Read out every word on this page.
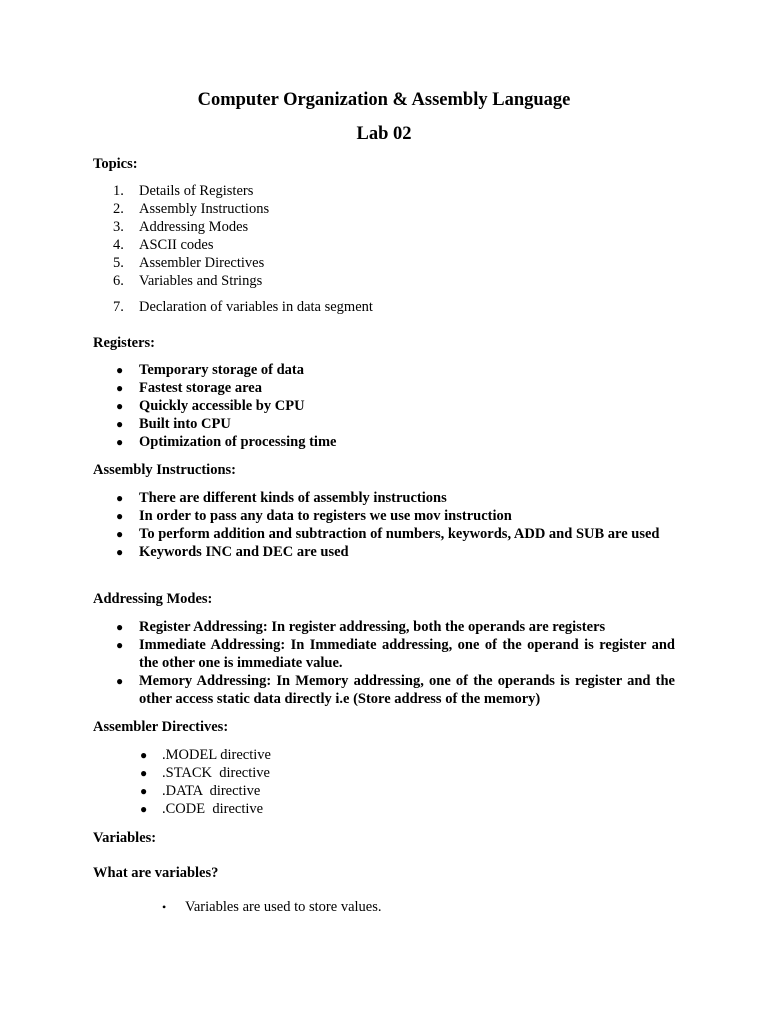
Computer Organization & Assembly Language
Lab 02

Topics:

1.	Details of Registers
2.	Assembly Instructions
3.	Addressing Modes
4.	ASCII codes
5.	Assembler Directives
6.	Variables and Strings
7.	Declaration of variables in data segment

Registers:

● Temporary storage of data
● Fastest storage area
● Quickly accessible by CPU
● Built into CPU
● Optimization of processing time

Assembly Instructions:

● There are different kinds of assembly instructions
● In order to pass any data to registers we use mov instruction
● To perform addition and subtraction of numbers, keywords, ADD and SUB are used
● Keywords INC and DEC are used

Addressing Modes:

● Register Addressing: In register addressing, both the operands are registers
● Immediate Addressing: In Immediate addressing, one of the operand is register and the other one is immediate value.
● Memory Addressing: In Memory addressing, one of the operands is register and the other access static data directly i.e (Store address of the memory)

Assembler Directives:

● .MODEL directive
● .STACK  directive
● .DATA  directive
● .CODE  directive

Variables:

What are variables?

• Variables are used to store values.
